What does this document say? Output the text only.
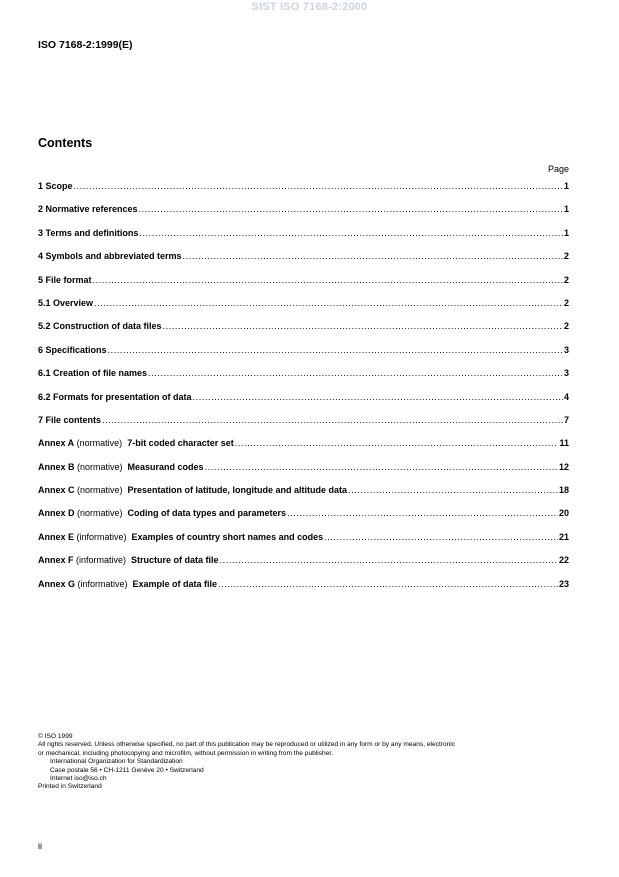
SIST ISO 7168-2:2000
ISO 7168-2:1999(E)
Contents
Page
1 Scope .....	1
2 Normative references .....	1
3 Terms and definitions .....	1
4 Symbols and abbreviated terms .....	2
5 File format .....	2
5.1 Overview .....	2
5.2 Construction of data files .....	2
6 Specifications .....	3
6.1 Creation of file names .....	3
6.2 Formats for presentation of data .....	4
7 File contents .....	7
Annex A (normative) 7-bit coded character set .....	11
Annex B (normative) Measurand codes .....	12
Annex C (normative) Presentation of latitude, longitude and altitude data .....	18
Annex D (normative) Coding of data types and parameters .....	20
Annex E (informative) Examples of country short names and codes .....	21
Annex F (informative) Structure of data file .....	22
Annex G (informative) Example of data file .....	23
© ISO 1999
All rights reserved. Unless otherwise specified, no part of this publication may be reproduced or utilized in any form or by any means, electronic
or mechanical, including photocopying and microfilm, without permission in writing from the publisher.
International Organization for Standardization
Case postale 56 • CH-1211 Genève 20 • Switzerland
Internet iso@iso.ch
Printed in Switzerland
ii
